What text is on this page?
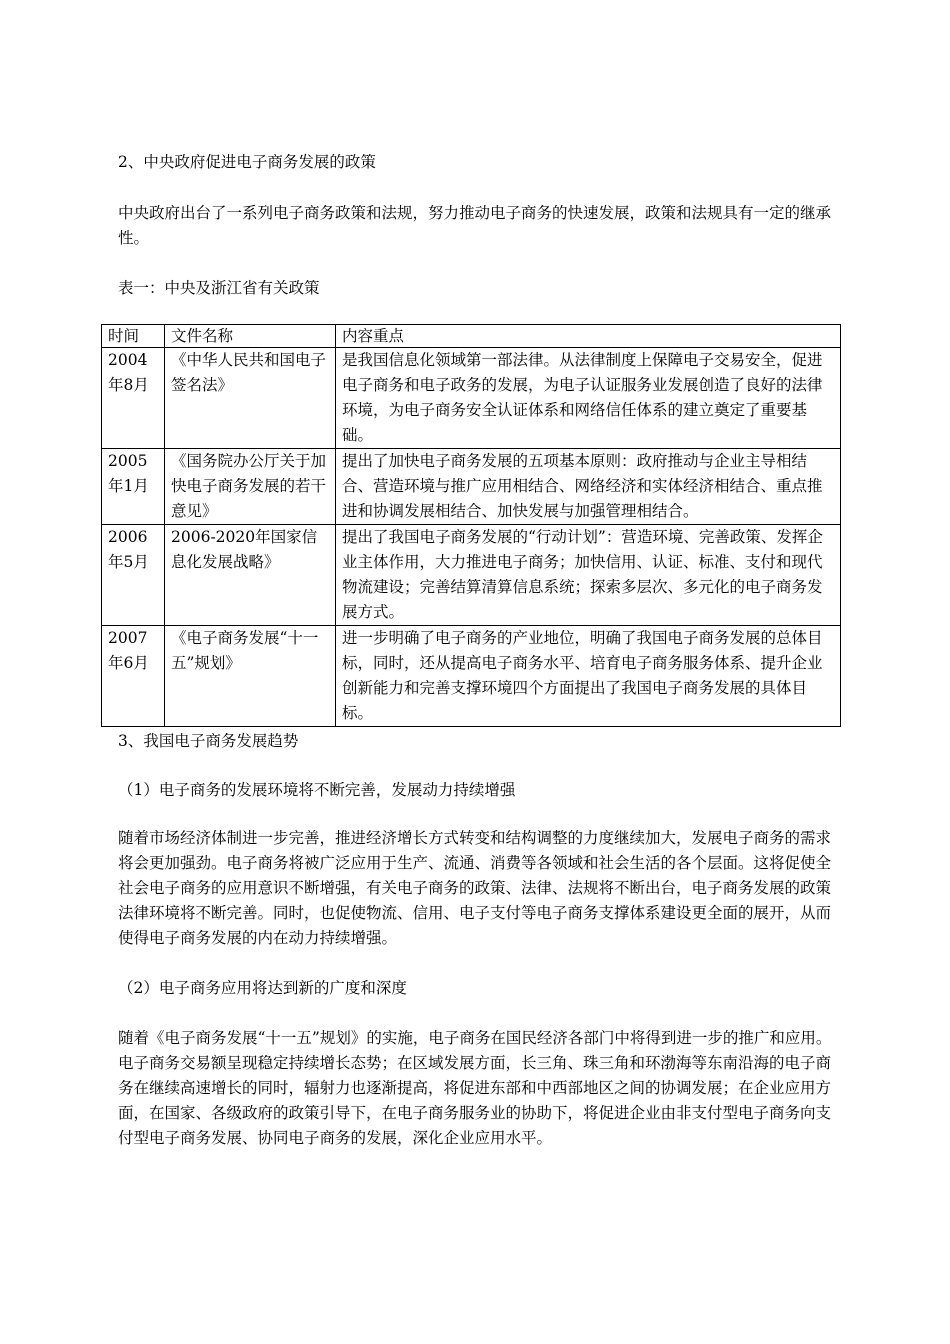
2、中央政府促进电子商务发展的政策

中央政府出台了一系列电子商务政策和法规，努力推动电子商务的快速发展，政策和法规具有一定的继承性。

表一：中央及浙江省有关政策

时间	文件名称	内容重点
2004年8月	《中华人民共和国电子签名法》	是我国信息化领域第一部法律。从法律制度上保障电子交易安全，促进电子商务和电子政务的发展，为电子认证服务业发展创造了良好的法律环境，为电子商务安全认证体系和网络信任体系的建立奠定了重要基础。
2005年1月	《国务院办公厅关于加快电子商务发展的若干意见》	提出了加快电子商务发展的五项基本原则：政府推动与企业主导相结合、营造环境与推广应用相结合、网络经济和实体经济相结合、重点推进和协调发展相结合、加快发展与加强管理相结合。
2006年5月	2006-2020年国家信息化发展战略》	提出了我国电子商务发展的“行动计划”：营造环境、完善政策、发挥企业主体作用，大力推进电子商务；加快信用、认证、标准、支付和现代物流建设；完善结算清算信息系统；探索多层次、多元化的电子商务发展方式。
2007年6月	《电子商务发展“十一五”规划》	进一步明确了电子商务的产业地位，明确了我国电子商务发展的总体目标，同时，还从提高电子商务水平、培育电子商务服务体系、提升企业创新能力和完善支撑环境四个方面提出了我国电子商务发展的具体目标。

3、我国电子商务发展趋势

（1）电子商务的发展环境将不断完善，发展动力持续增强

随着市场经济体制进一步完善，推进经济增长方式转变和结构调整的力度继续加大，发展电子商务的需求将会更加强劲。电子商务将被广泛应用于生产、流通、消费等各领域和社会生活的各个层面。这将促使全社会电子商务的应用意识不断增强，有关电子商务的政策、法律、法规将不断出台，电子商务发展的政策法律环境将不断完善。同时，也促使物流、信用、电子支付等电子商务支撑体系建设更全面的展开，从而使得电子商务发展的内在动力持续增强。

（2）电子商务应用将达到新的广度和深度

随着《电子商务发展“十一五”规划》的实施，电子商务在国民经济各部门中将得到进一步的推广和应用。电子商务交易额呈现稳定持续增长态势；在区域发展方面，长三角、珠三角和环渤海等东南沿海的电子商务在继续高速增长的同时，辐射力也逐渐提高，将促进东部和中西部地区之间的协调发展；在企业应用方面，在国家、各级政府的政策引导下，在电子商务服务业的协助下，将促进企业由非支付型电子商务向支付型电子商务发展、协同电子商务的发展，深化企业应用水平。
